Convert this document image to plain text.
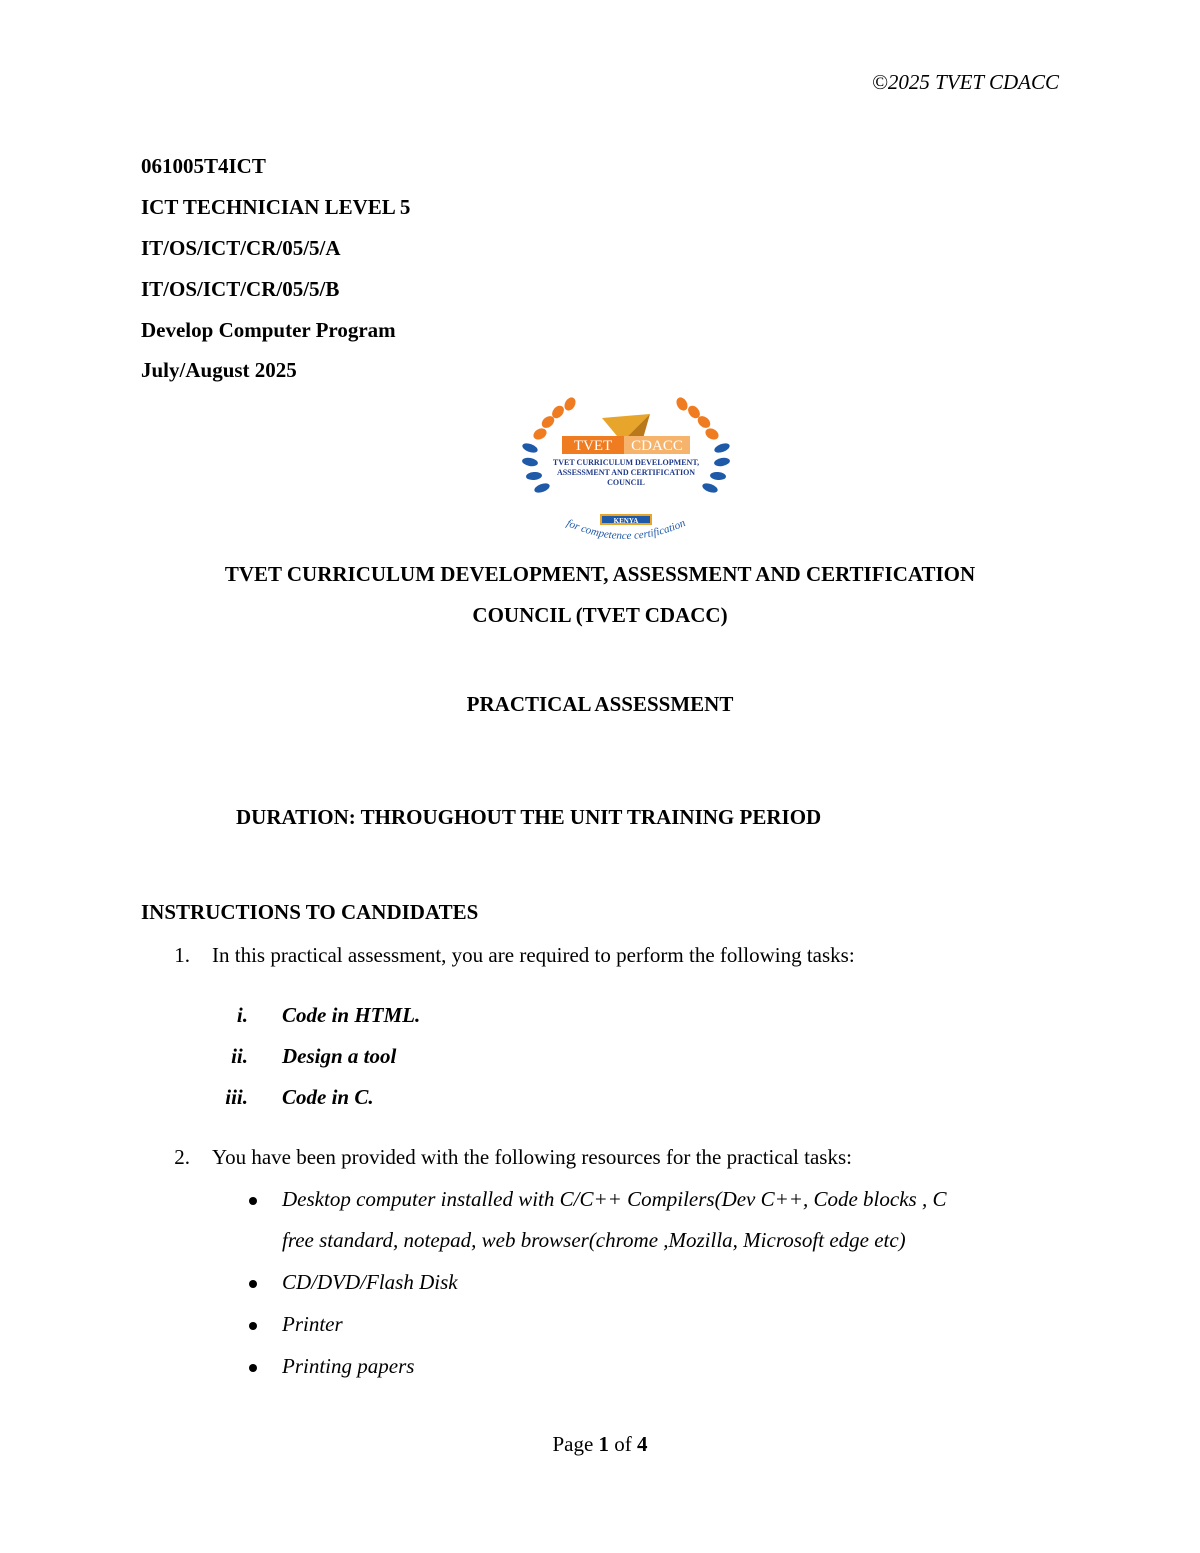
©2025 TVET CDACC
061005T4ICT
ICT TECHNICIAN LEVEL 5
IT/OS/ICT/CR/05/5/A
IT/OS/ICT/CR/05/5/B
Develop Computer Program
July/August 2025
TVET CDACC
TVET CURRICULUM DEVELOPMENT,
ASSESSMENT AND CERTIFICATION
COUNCIL
KENYA
for competence certification
TVET CURRICULUM DEVELOPMENT, ASSESSMENT AND CERTIFICATION
COUNCIL (TVET CDACC)
PRACTICAL ASSESSMENT
DURATION: THROUGHOUT THE UNIT TRAINING PERIOD
INSTRUCTIONS TO CANDIDATES
1. In this practical assessment, you are required to perform the following tasks:
i. Code in HTML.
ii. Design a tool
iii. Code in C.
2. You have been provided with the following resources for the practical tasks:
Desktop computer installed with C/C++ Compilers(Dev C++, Code blocks , C
free standard, notepad, web browser(chrome ,Mozilla, Microsoft edge etc)
CD/DVD/Flash Disk
Printer
Printing papers
Page 1 of 4
